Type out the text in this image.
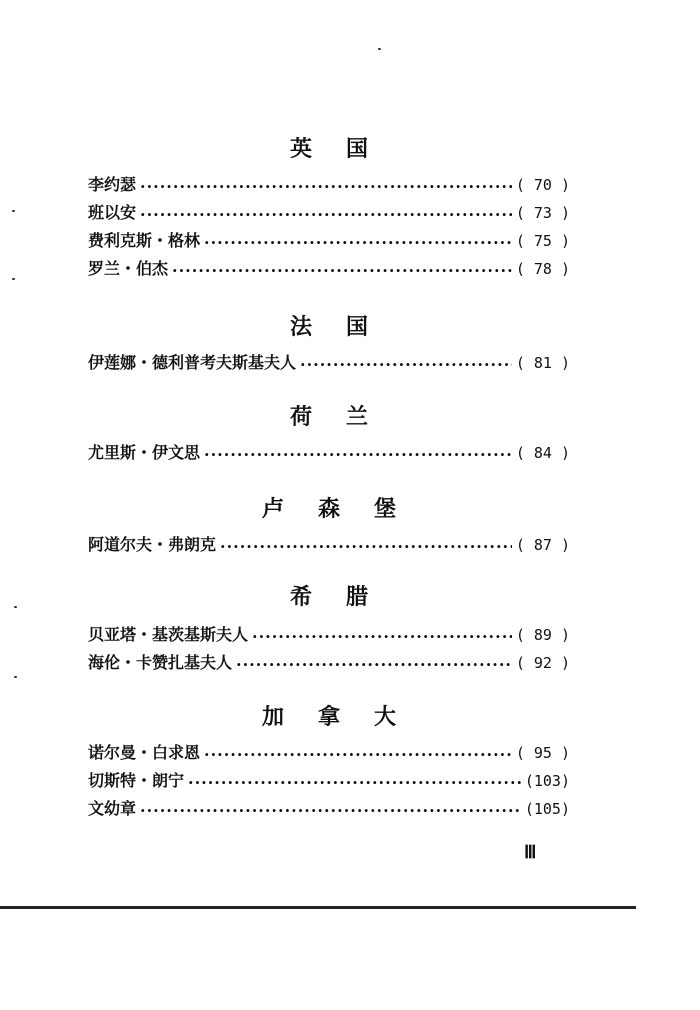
英 国
李约瑟 ·····	( 70 )
班以安 ·····	( 73 )
费利克斯・格林 ·····	( 75 )
罗兰・伯杰 ·····	( 78 )
法 国
伊莲娜・德利普考夫斯基夫人 ·····	( 81 )
荷 兰
尤里斯・伊文思 ·····	( 84 )
卢 森 堡
阿道尔夫・弗朗克 ·····	( 87 )
希 腊
贝亚塔・基茨基斯夫人 ·····	( 89 )
海伦・卡赞扎基夫人 ·····	( 92 )
加 拿 大
诺尔曼・白求恩 ·····	( 95 )
切斯特・朗宁 ·····	(103)
文幼章 ·····	(105)
Ⅲ
